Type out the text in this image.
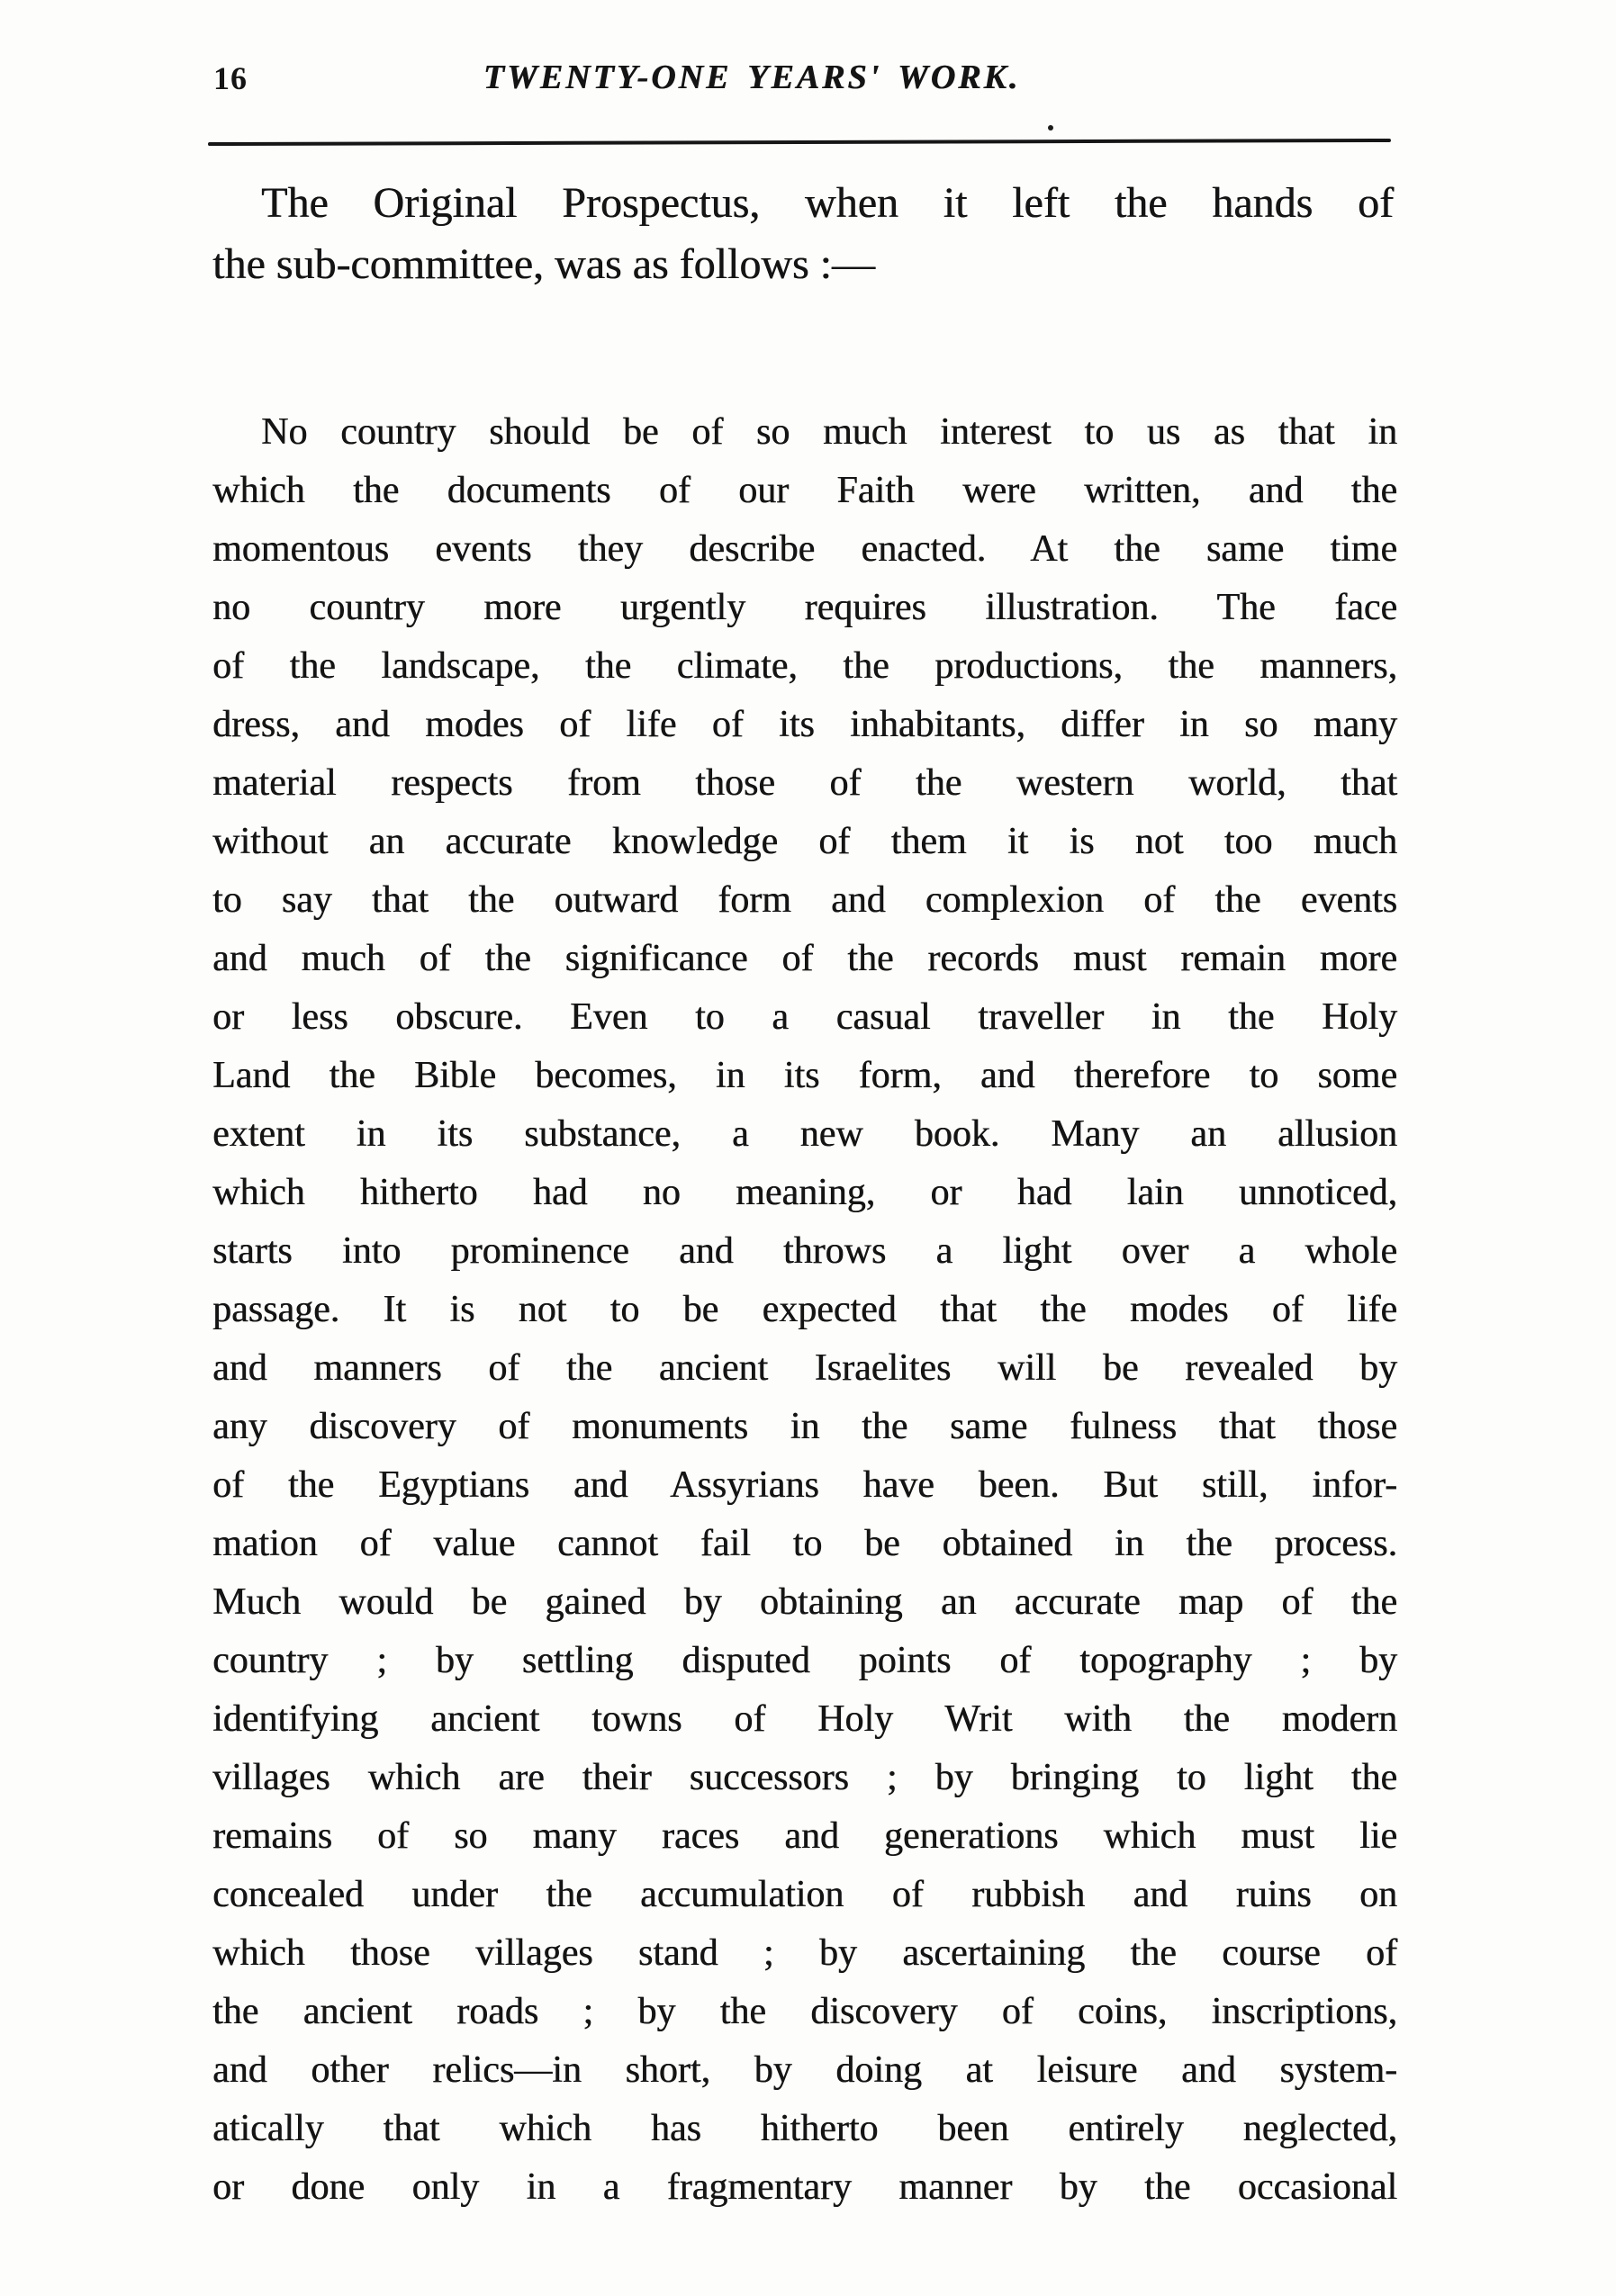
16	TWENTY-ONE YEARS' WORK.
The Original Prospectus, when it left the hands of
the sub-committee, was as follows :—
No country should be of so much interest to us as that in
which the documents of our Faith were written, and the
momentous events they describe enacted. At the same time
no country more urgently requires illustration. The face
of the landscape, the climate, the productions, the manners,
dress, and modes of life of its inhabitants, differ in so many
material respects from those of the western world, that
without an accurate knowledge of them it is not too much
to say that the outward form and complexion of the events
and much of the significance of the records must remain more
or less obscure. Even to a casual traveller in the Holy
Land the Bible becomes, in its form, and therefore to some
extent in its substance, a new book. Many an allusion
which hitherto had no meaning, or had lain unnoticed,
starts into prominence and throws a light over a whole
passage. It is not to be expected that the modes of life
and manners of the ancient Israelites will be revealed by
any discovery of monuments in the same fulness that those
of the Egyptians and Assyrians have been. But still, infor-
mation of value cannot fail to be obtained in the process.
Much would be gained by obtaining an accurate map of the
country ; by settling disputed points of topography ; by
identifying ancient towns of Holy Writ with the modern
villages which are their successors ; by bringing to light the
remains of so many races and generations which must lie
concealed under the accumulation of rubbish and ruins on
which those villages stand ; by ascertaining the course of
the ancient roads ; by the discovery of coins, inscriptions,
and other relics—in short, by doing at leisure and system-
atically that which has hitherto been entirely neglected,
or done only in a fragmentary manner by the occasional
